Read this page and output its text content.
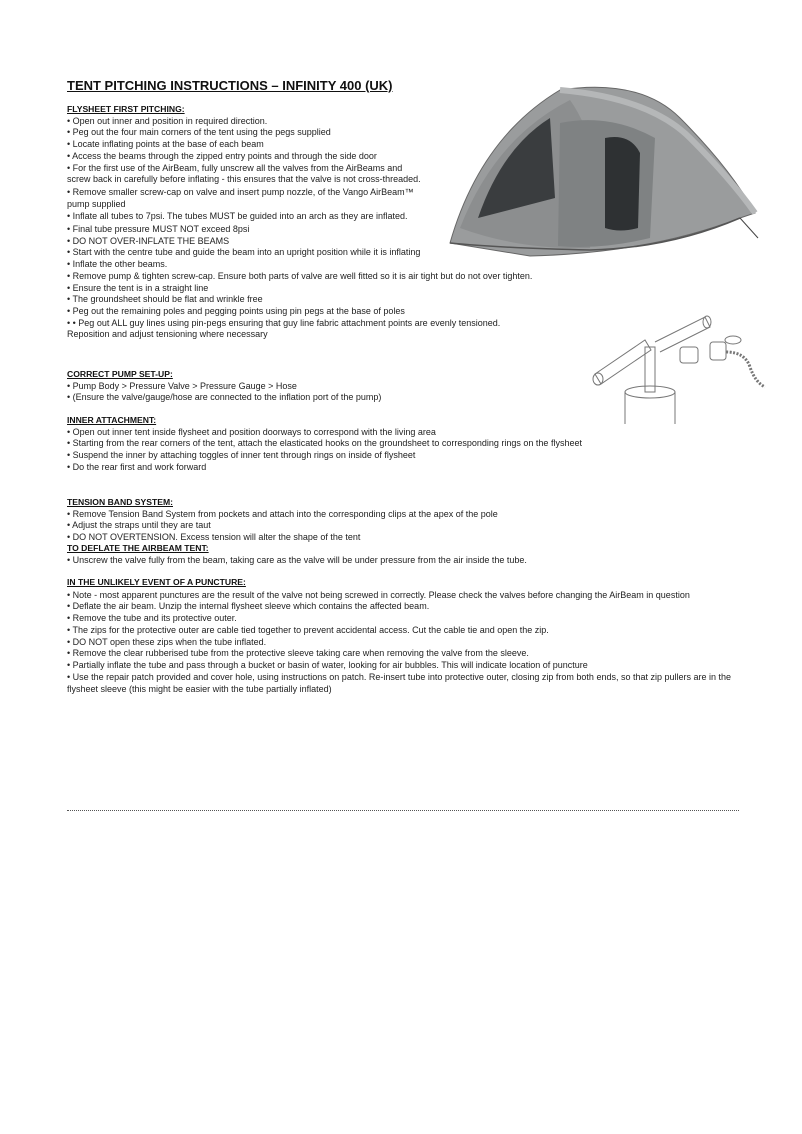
TENT PITCHING INSTRUCTIONS – INFINITY 400 (UK)
FLYSHEET FIRST PITCHING:
• Open out inner and position in required direction.
• Peg out the four main corners of the tent using the pegs supplied
• Locate inflating points at the base of each beam
• Access the beams through the zipped entry points and through the side door
• For the first use of the AirBeam, fully unscrew all the valves from the AirBeams and screw back in carefully before inflating - this ensures that the valve is not cross-threaded.
• Remove smaller screw-cap on valve and insert pump nozzle, of the Vango AirBeam™ pump supplied
• Inflate all tubes to 7psi. The tubes MUST be guided into an arch as they are inflated.
• Final tube pressure MUST NOT exceed 8psi
• DO NOT OVER-INFLATE THE BEAMS
• Start with the centre tube and guide the beam into an upright position while it is inflating
• Inflate the other beams.
• Remove pump & tighten screw-cap. Ensure both parts of valve are well fitted so it is air tight but do not over tighten.
• Ensure the tent is in a straight line
• The groundsheet should be flat and wrinkle free
• Peg out the remaining poles and pegging points using pin pegs at the base of poles
• • Peg out ALL guy lines using pin-pegs ensuring that guy line fabric attachment points are evenly tensioned.
Reposition and adjust tensioning where necessary
CORRECT PUMP SET-UP:
• Pump Body > Pressure Valve > Pressure Gauge > Hose
• (Ensure the valve/gauge/hose are connected to the inflation port of the pump)
INNER ATTACHMENT:
• Open out inner tent inside flysheet and position doorways to correspond with the living area
• Starting from the rear corners of the tent, attach the elasticated hooks on the groundsheet to corresponding rings on the flysheet
• Suspend the inner by attaching toggles of inner tent through rings on inside of flysheet
• Do the rear first and work forward
TENSION BAND SYSTEM:
• Remove Tension Band System from pockets and attach into the corresponding clips at the apex of the pole
• Adjust the straps until they are taut
• DO NOT OVERTENSION. Excess tension will alter the shape of the tent
TO DEFLATE THE AIRBEAM TENT:
• Unscrew the valve fully from the beam, taking care as the valve will be under pressure from the air inside the tube.
IN THE UNLIKELY EVENT OF A PUNCTURE:
• Note - most apparent punctures are the result of the valve not being screwed in correctly. Please check the valves before changing the AirBeam in question
• Deflate the air beam. Unzip the internal flysheet sleeve which contains the affected beam.
• Remove the tube and its protective outer.
• The zips for the protective outer are cable tied together to prevent accidental access. Cut the cable tie and open the zip.
• DO NOT open these zips when the tube inflated.
• Remove the clear rubberised tube from the protective sleeve taking care when removing the valve from the sleeve.
• Partially inflate the tube and pass through a bucket or basin of water, looking for air bubbles. This will indicate location of puncture
• Use the repair patch provided and cover hole, using instructions on patch. Re-insert tube into protective outer, closing zip from both ends, so that zip pullers are in the flysheet sleeve (this might be easier with the tube partially inflated)
